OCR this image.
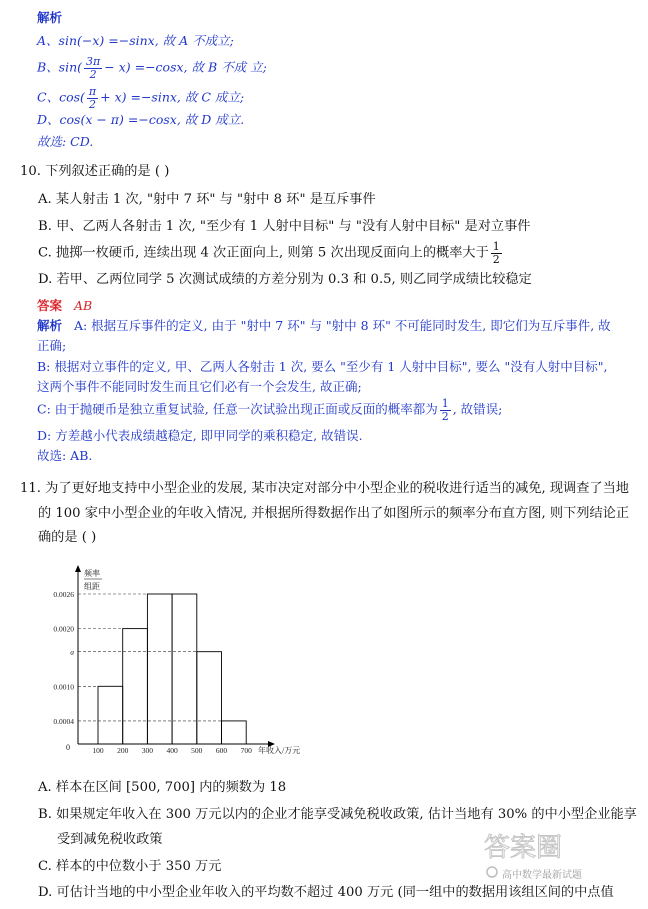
解析
A、sin(−x) =−sinx, 故 A 不成立;
B、$\sin( \frac{3\pi}{2} - x) =-\cos x$, 故 B 不成 立;
C、$\cos( \frac{\pi}{2} + x) =-\sin x$, 故 C 成立;
D、cos(x − π) =−cosx, 故 D 成立.
故选: CD.
10. 下列叙述正确的是 ( )
A. 某人射击 1 次, "射中 7 环" 与 "射中 8 环" 是互斥事件
B. 甲、乙两人各射击 1 次, "至少有 1 人射中目标" 与 "没有人射中目标" 是对立事件
C. 抛掷一枚硬币, 连续出现 4 次正面向上, 则第 5 次出现反面向上的概率大于 $\frac{1}{2}$
D. 若甲、乙两位同学 5 次测试成绩的方差分别为 0.3 和 0.5, 则乙同学成绩比较稳定
答案 AB
解析 A: 根据互斥事件的定义, 由于 "射中 7 环" 与 "射中 8 环" 不可能同时发生, 即它们为互斥事件, 故
正确;
B: 根据对立事件的定义, 甲、乙两人各射击 1 次, 要么 "至少有 1 人射中目标", 要么 "没有人射中目标",
这两个事件不能同时发生而且它们必有一个会发生, 故正确;
C: 由于抛硬币是独立重复试验, 任意一次试验出现正面或反面的概率都为 $\frac{1}{2}$ , 故错误;
D: 方差越小代表成绩越稳定, 即甲同学的乘积稳定, 故错误.
故选: AB.
11. 为了更好地支持中小型企业的发展, 某市决定对部分中小型企业的税收进行适当的减免, 现调查了当地
的 100 家中小型企业的年收入情况, 并根据所得数据作出了如图所示的频率分布直方图, 则下列结论正
确的是 ( )
频率
组距
0	年收入/万元
0.0010
0.0020
0.0026
a
0.0004
100 200 300 400 500 600 700
A. 样本在区间 [500, 700] 内的频数为 18
B. 如果规定年收入在 300 万元以内的企业才能享受减免税收政策, 估计当地有 30% 的中小型企业能享
受到减免税收政策
C. 样本的中位数小于 350 万元
D. 可估计当地的中小型企业年收入的平均数不超过 400 万元 (同一组中的数据用该组区间的中点值
答案圈
高中数学最新试题
